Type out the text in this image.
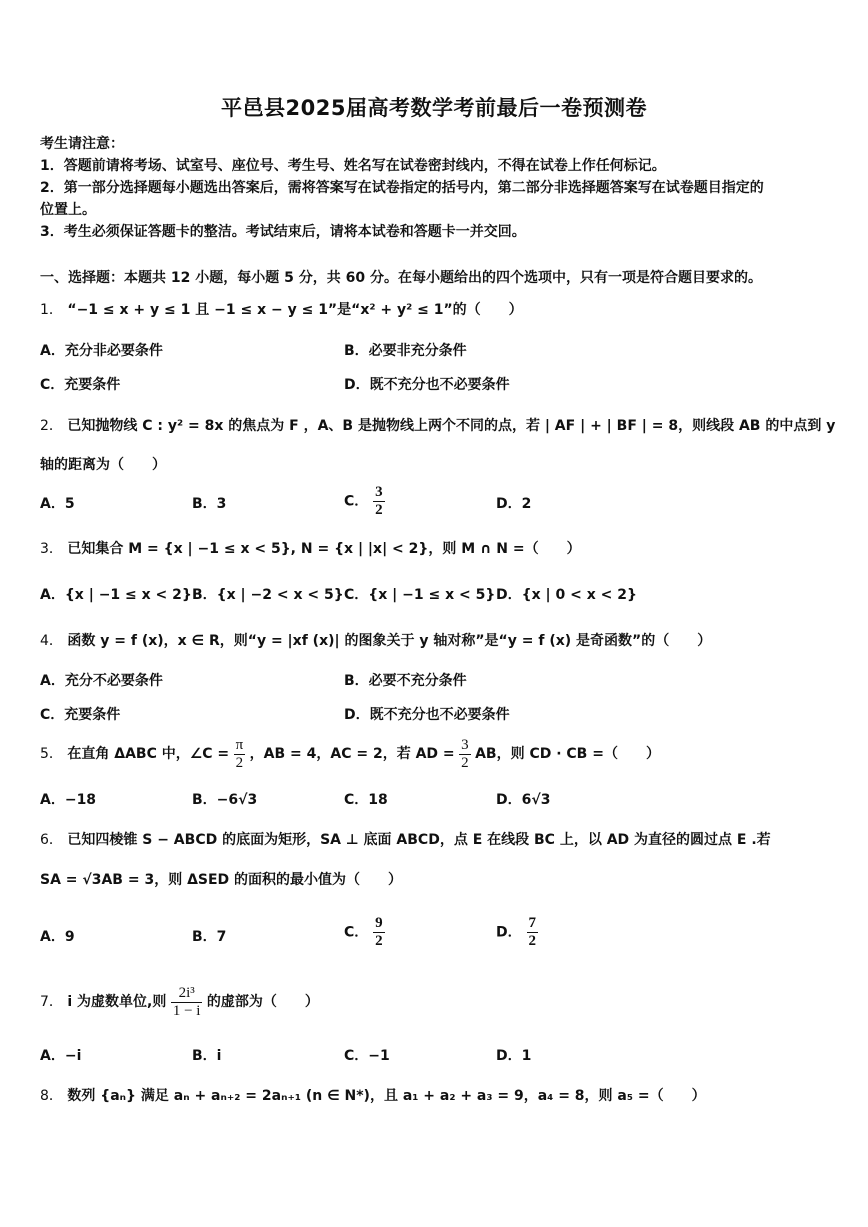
平邑县2025届高考数学考前最后一卷预测卷
考生请注意：
1．答题前请将考场、试室号、座位号、考生号、姓名写在试卷密封线内，不得在试卷上作任何标记。
2．第一部分选择题每小题选出答案后，需将答案写在试卷指定的括号内，第二部分非选择题答案写在试卷题目指定的
位置上。
3．考生必须保证答题卡的整洁。考试结束后，请将本试卷和答题卡一并交回。
一、选择题：本题共 12 小题，每小题 5 分，共 60 分。在每小题给出的四个选项中，只有一项是符合题目要求的。
1． “−1 ≤ x + y ≤ 1 且 −1 ≤ x − y ≤ 1”是“x² + y² ≤ 1”的（　　）
A．充分非必要条件	B．必要非充分条件
C．充要条件	D．既不充分也不必要条件
2． 已知抛物线 C : y² = 8x 的焦点为 F ，A、B 是抛物线上两个不同的点，若 | AF | + | BF | = 8，则线段 AB 的中点到 y
轴的距离为（　　）
A．5	B．3	C． $\frac{3}{2}$	D．2
3． 已知集合 M = {x | −1 ≤ x < 5}, N = {x | |x| < 2}，则 M ∩ N =（　　）
A．{x | −1 ≤ x < 2} B．{x | −2 < x < 5} C．{x | −1 ≤ x < 5} D．{x | 0 < x < 2}
4． 函数 y = f (x)，x ∈ R，则“y = |xf (x)| 的图象关于 y 轴对称”是“y = f (x) 是奇函数”的（　　）
A．充分不必要条件	B．必要不充分条件
C．充要条件	D．既不充分也不必要条件
5． 在直角 ΔABC 中，∠C = $\frac{\pi}{2}$ ，AB = 4，AC = 2，若 AD = $\frac{3}{2}$ AB，则 CD · CB =（　　）
A．−18	B．−6√3	C．18	D．6√3
6． 已知四棱锥 S − ABCD 的底面为矩形，SA ⊥ 底面 ABCD，点 E 在线段 BC 上，以 AD 为直径的圆过点 E .若
SA = √3AB = 3，则 ΔSED 的面积的最小值为（　　）
A．9	B．7	C． $\frac{9}{2}$	D． $\frac{7}{2}$
7． i 为虚数单位,则 $\frac{\text{2i³}}{1 - i}$ 的虚部为（　　）
A．−i	B．i	C．−1	D．1
8． 数列 {aₙ} 满足 aₙ + aₙ₊₂ = 2aₙ₊₁ (n ∈ N*)，且 a₁ + a₂ + a₃ = 9，a₄ = 8，则 a₅ =（　　）
